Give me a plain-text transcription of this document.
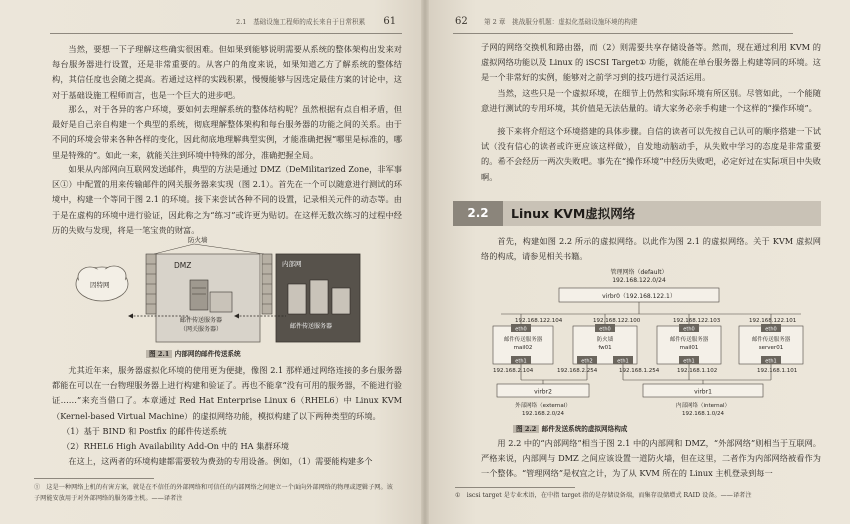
2.1　基础设施工程师的成长来自于日常积累 61
当然，要想一下子理解这些确实很困难。但如果到能够说明需要从系统的整体架构出发来对每台服务器进行设置，还是非常重要的。从客户的角度来说，如果知道乙方了解系统的整体结构，其信任度也会随之提高。若通过这样的实践积累，慢慢能够与因选定最佳方案的讨论中，这对于基础设施工程师而言，也是一个巨大的进步吧。
那么，对于各异的客户环境，要如何去理解系统的整体结构呢？虽然根据有点自相矛盾，但最好是自己亲自构建一个典型的系统，彻底理解整体架构和每台服务器的功能之间的关系。由于不同的环境会带来各种各样的变化，因此彻底地理解典型实例，才能准确把握“哪里是标准的，哪里是特殊的”。如此一来，就能关注到环境中特殊的部分，准确把握全局。
如果从内部网向互联网发送邮件，典型的方法是通过 DMZ（DeMilitarized Zone，非军事区①）中配置的用来传输邮件的网关服务器来实现（图 2.1）。首先在一个可以随意进行测试的环境中，构建一个等同于图 2.1 的环境。接下来尝试各种不同的设置，记录相关元件的动态等。由于是在虚构的环境中进行验证，因此称之为“练习”或许更为贴切。在这样无数次练习的过程中经历的失败与发现，将是一笔宝贵的财富。
防火墙
因特网
DMZ	内部网
邮件传送服务器
（网关服务器）	邮件传送服务器
图 2.1 内部网的邮件传送系统
尤其近年来，服务器虚拟化环境的使用更为便捷，像图 2.1 那样通过网络连接的多台服务器都能在可以在一台物理服务器上进行构建和验证了。再也不能拿“没有可用的服务器，不能进行验证……”来充当借口了。本章通过 Red Hat Enterprise Linux 6（RHEL6）中 Linux KVM（Kernel-based Virtual Machine）的虚拟网络功能，模拟构建了以下两种类型的环境。
（1）基于 BIND 和 Postfix 的邮件传送系统
（2）RHEL6 High Availability Add-On 中的 HA 集群环境
在这上，这两者的环境构建都需要较为费劲的专用设备。例如，（1）需要能构建多个
①　这是一种网络上机的有害方案，就是在不信任的外部网络和可信任的内部网络之间建立一个面向外部网络的物理或逻辑子网。该子网能安放用于对外部网络的服务器主机。——译者注
62 第 2 章　挑战服分机题：虚拟化基础设施环境的构建
子网的网络交换机和路由器，而（2）则需要共享存储设备等。然而，现在通过利用 KVM 的虚拟网络功能以及 Linux 的 iSCSI Target① 功能，就能在单台服务器上构建等同的环境。这是一个非常好的实例，能够对之前学习到的技巧进行灵活运用。
当然，这些只是一个虚拟环境，在细节上仍然和实际环境有所区别。尽管如此，一个能随意进行测试的专用环境，其价值是无法估量的。请大家务必亲手构建一个这样的“操作环境”。
接下来将介绍这个环境搭建的具体步骤。自信的读者可以先按自己认可的顺序搭建一下试试（没有信心的读者或许更应该这样做），自发地动脑动手，从失败中学习的态度是非常重要的。希不会经历一两次失败吧。事先在“操作环境”中经历失败吧，必定好过在实际项目中失败啊。
2.2	Linux KVM虚拟网络
首先，构建如图 2.2 所示的虚拟网络。以此作为图 2.1 的虚拟网络。关于 KVM 虚拟网络的构成，请参见相关书籍。
管理网络（default）
192.168.122.0/24
virbr0（192.168.122.1）
192.168.122.104	192.168.122.100	192.168.122.103	192.168.122.101
eth0
邮件传送服务器
mail02
eth1
eth0
防火墙
fw01
eth2	eth1
eth0
邮件传送服务器
mail01
eth1
eth0
邮件传送服务器
server01
eth1
192.168.2.104	192.168.2.254	192.168.1.254	192.168.1.102	192.168.1.101
virbr2	virbr1
外部网络（external）
192.168.2.0/24
内部网络（internal）
192.168.1.0/24
图 2.2 邮件发送系统的虚拟网络构成
用 2.2 中的“内部网络”相当于图 2.1 中的内部网和 DMZ，“外部网络”则相当于互联网。严格来说，内部网与 DMZ 之间应该设置一道防火墙，但在这里，二者作为内部网络被看作为一个整体。“管理网络”是权宜之计，为了从 KVM 所在的 Linux 主机登录到每一
①　iscsi target 是专业术语，在中指 target 指的是存储设备端，而集存设储增式 RAID 设备。——译者注
